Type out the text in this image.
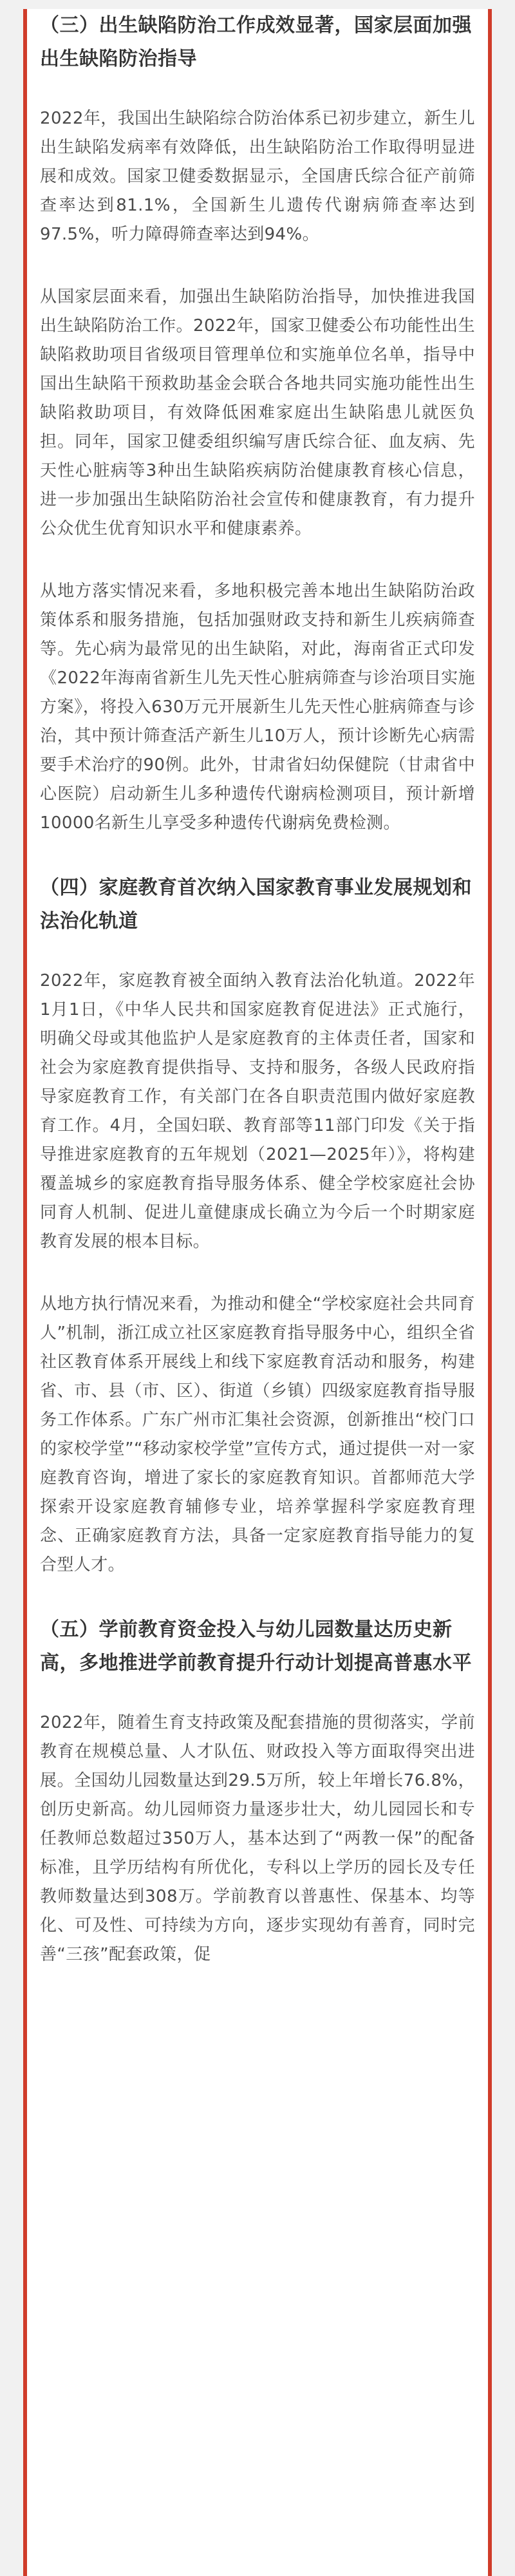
（三）出生缺陷防治工作成效显著，国家层面加强出生缺陷防治指导

2022年，我国出生缺陷综合防治体系已初步建立，新生儿出生缺陷发病率有效降低，出生缺陷防治工作取得明显进展和成效。国家卫健委数据显示，全国唐氏综合征产前筛查率达到81.1%，全国新生儿遗传代谢病筛查率达到97.5%，听力障碍筛查率达到94%。

从国家层面来看，加强出生缺陷防治指导，加快推进我国出生缺陷防治工作。2022年，国家卫健委公布功能性出生缺陷救助项目省级项目管理单位和实施单位名单，指导中国出生缺陷干预救助基金会联合各地共同实施功能性出生缺陷救助项目，有效降低困难家庭出生缺陷患儿就医负担。同年，国家卫健委组织编写唐氏综合征、血友病、先天性心脏病等3种出生缺陷疾病防治健康教育核心信息，进一步加强出生缺陷防治社会宣传和健康教育，有力提升公众优生优育知识水平和健康素养。

从地方落实情况来看，多地积极完善本地出生缺陷防治政策体系和服务措施，包括加强财政支持和新生儿疾病筛查等。先心病为最常见的出生缺陷，对此，海南省正式印发《2022年海南省新生儿先天性心脏病筛查与诊治项目实施方案》，将投入630万元开展新生儿先天性心脏病筛查与诊治，其中预计筛查活产新生儿10万人，预计诊断先心病需要手术治疗的90例。此外，甘肃省妇幼保健院（甘肃省中心医院）启动新生儿多种遗传代谢病检测项目，预计新增10000名新生儿享受多种遗传代谢病免费检测。

（四）家庭教育首次纳入国家教育事业发展规划和法治化轨道

2022年，家庭教育被全面纳入教育法治化轨道。2022年1月1日，《中华人民共和国家庭教育促进法》正式施行，明确父母或其他监护人是家庭教育的主体责任者，国家和社会为家庭教育提供指导、支持和服务，各级人民政府指导家庭教育工作，有关部门在各自职责范围内做好家庭教育工作。4月，全国妇联、教育部等11部门印发《关于指导推进家庭教育的五年规划（2021—2025年）》，将构建覆盖城乡的家庭教育指导服务体系、健全学校家庭社会协同育人机制、促进儿童健康成长确立为今后一个时期家庭教育发展的根本目标。

从地方执行情况来看，为推动和健全“学校家庭社会共同育人”机制，浙江成立社区家庭教育指导服务中心，组织全省社区教育体系开展线上和线下家庭教育活动和服务，构建省、市、县（市、区）、街道（乡镇）四级家庭教育指导服务工作体系。广东广州市汇集社会资源，创新推出“校门口的家校学堂”“移动家校学堂”宣传方式，通过提供一对一家庭教育咨询，增进了家长的家庭教育知识。首都师范大学探索开设家庭教育辅修专业，培养掌握科学家庭教育理念、正确家庭教育方法，具备一定家庭教育指导能力的复合型人才。

（五）学前教育资金投入与幼儿园数量达历史新高，多地推进学前教育提升行动计划提高普惠水平

2022年，随着生育支持政策及配套措施的贯彻落实，学前教育在规模总量、人才队伍、财政投入等方面取得突出进展。全国幼儿园数量达到29.5万所，较上年增长76.8%，创历史新高。幼儿园师资力量逐步壮大，幼儿园园长和专任教师总数超过350万人，基本达到了“两教一保”的配备标准，且学历结构有所优化，专科以上学历的园长及专任教师数量达到308万。学前教育以普惠性、保基本、均等化、可及性、可持续为方向，逐步实现幼有善育，同时完善“三孩”配套政策，促
